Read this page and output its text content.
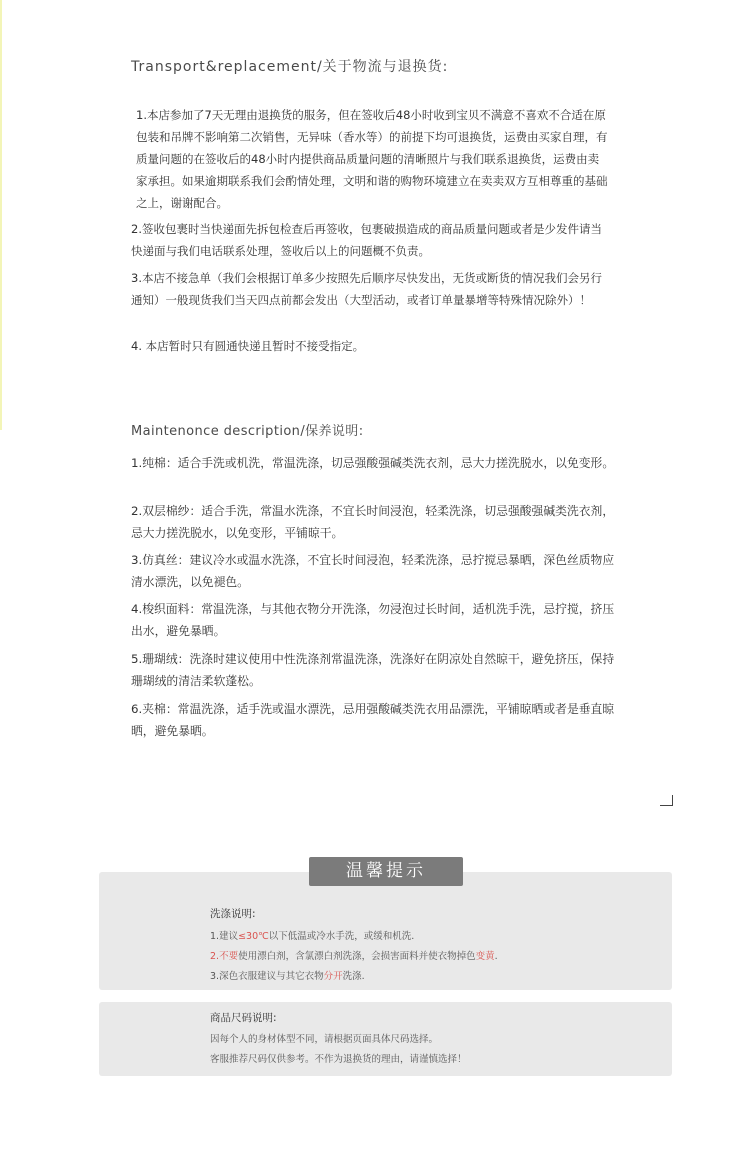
Transport&replacement/关于物流与退换货:

1.本店参加了7天无理由退换货的服务，但在签收后48小时收到宝贝不满意不喜欢不合适在原包装和吊牌不影响第二次销售，无异味（香水等）的前提下均可退换货，运费由买家自理，有质量问题的在签收后的48小时内提供商品质量问题的清晰照片与我们联系退换货，运费由卖家承担。如果逾期联系我们会酌情处理，文明和谐的购物环境建立在卖卖双方互相尊重的基础之上，谢谢配合。

2.签收包裹时当快递面先拆包检查后再签收，包裹破损造成的商品质量问题或者是少发件请当快递面与我们电话联系处理，签收后以上的问题概不负责。

3.本店不接急单（我们会根据订单多少按照先后顺序尽快发出，无货或断货的情况我们会另行通知）一般现货我们当天四点前都会发出（大型活动，或者订单量暴增等特殊情况除外）！

4. 本店暂时只有圆通快递且暂时不接受指定。

Maintenonce description/保养说明:

1.纯棉：适合手洗或机洗，常温洗涤，切忌强酸强碱类洗衣剂，忌大力搓洗脱水，以免变形。

2.双层棉纱：适合手洗，常温水洗涤，不宜长时间浸泡，轻柔洗涤，切忌强酸强碱类洗衣剂，忌大力搓洗脱水，以免变形，平铺晾干。

3.仿真丝：建议冷水或温水洗涤，不宜长时间浸泡，轻柔洗涤，忌拧搅忌暴晒，深色丝质物应清水漂洗，以免褪色。

4.梭织面料：常温洗涤，与其他衣物分开洗涤，勿浸泡过长时间，适机洗手洗，忌拧搅，挤压出水，避免暴晒。

5.珊瑚绒：洗涤时建议使用中性洗涤剂常温洗涤，洗涤好在阴凉处自然晾干，避免挤压，保持珊瑚绒的清洁柔软蓬松。

6.夹棉：常温洗涤，适手洗或温水漂洗，忌用强酸碱类洗衣用品漂洗，平铺晾晒或者是垂直晾晒，避免暴晒。

温馨提示

洗涤说明:

1.建议≤30℃以下低温或冷水手洗，或缓和机洗.

2.不要使用漂白剂，含氯漂白剂洗涤，会损害面料并使衣物掉色变黄.

3.深色衣服建议与其它衣物分开洗涤.

商品尺码说明:

因每个人的身材体型不同，请根据页面具体尺码选择。

客服推荐尺码仅供参考。不作为退换货的理由，请谨慎选择！
